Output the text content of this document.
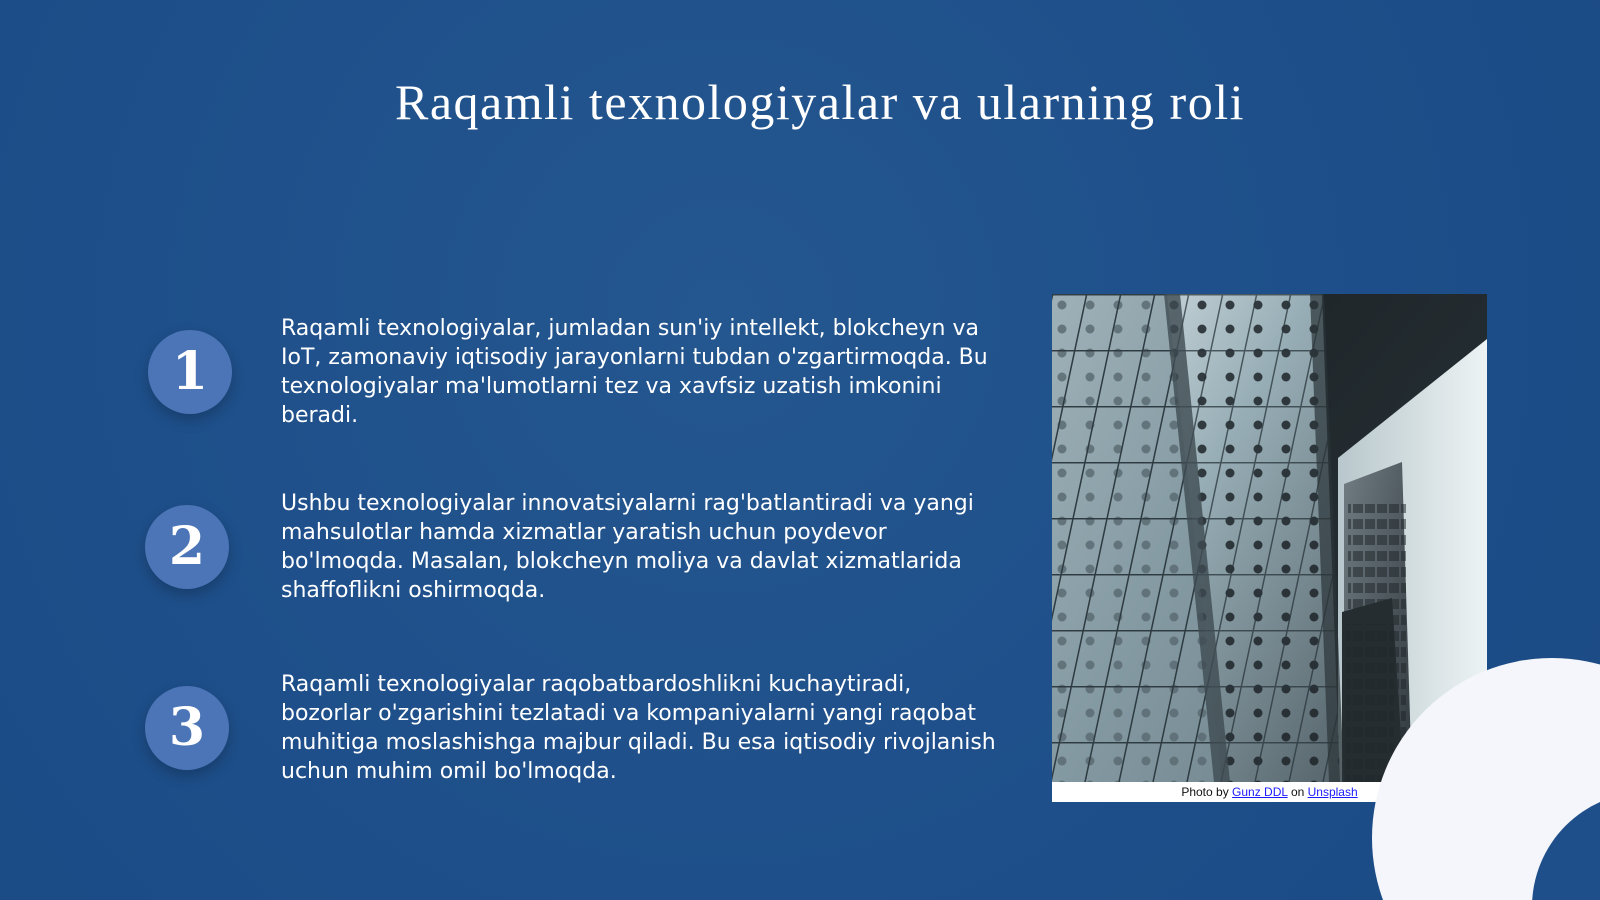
Raqamli texnologiyalar va ularning roli
1

Raqamli texnologiyalar, jumladan sun'iy intellekt, blokcheyn va IoT, zamonaviy iqtisodiy jarayonlarni tubdan o'zgartirmoqda. Bu texnologiyalar ma'lumotlarni tez va xavfsiz uzatish imkonini beradi.

2

Ushbu texnologiyalar innovatsiyalarni rag'batlantiradi va yangi mahsulotlar hamda xizmatlar yaratish uchun poydevor bo'lmoqda. Masalan, blokcheyn moliya va davlat xizmatlarida shaffoflikni oshirmoqda.

3

Raqamli texnologiyalar raqobatbardoshlikni kuchaytiradi, bozorlar o'zgarishini tezlatadi va kompaniyalarni yangi raqobat muhitiga moslashishga majbur qiladi. Bu esa iqtisodiy rivojlanish uchun muhim omil bo'lmoqda.

Photo by Gunz DDL on Unsplash
